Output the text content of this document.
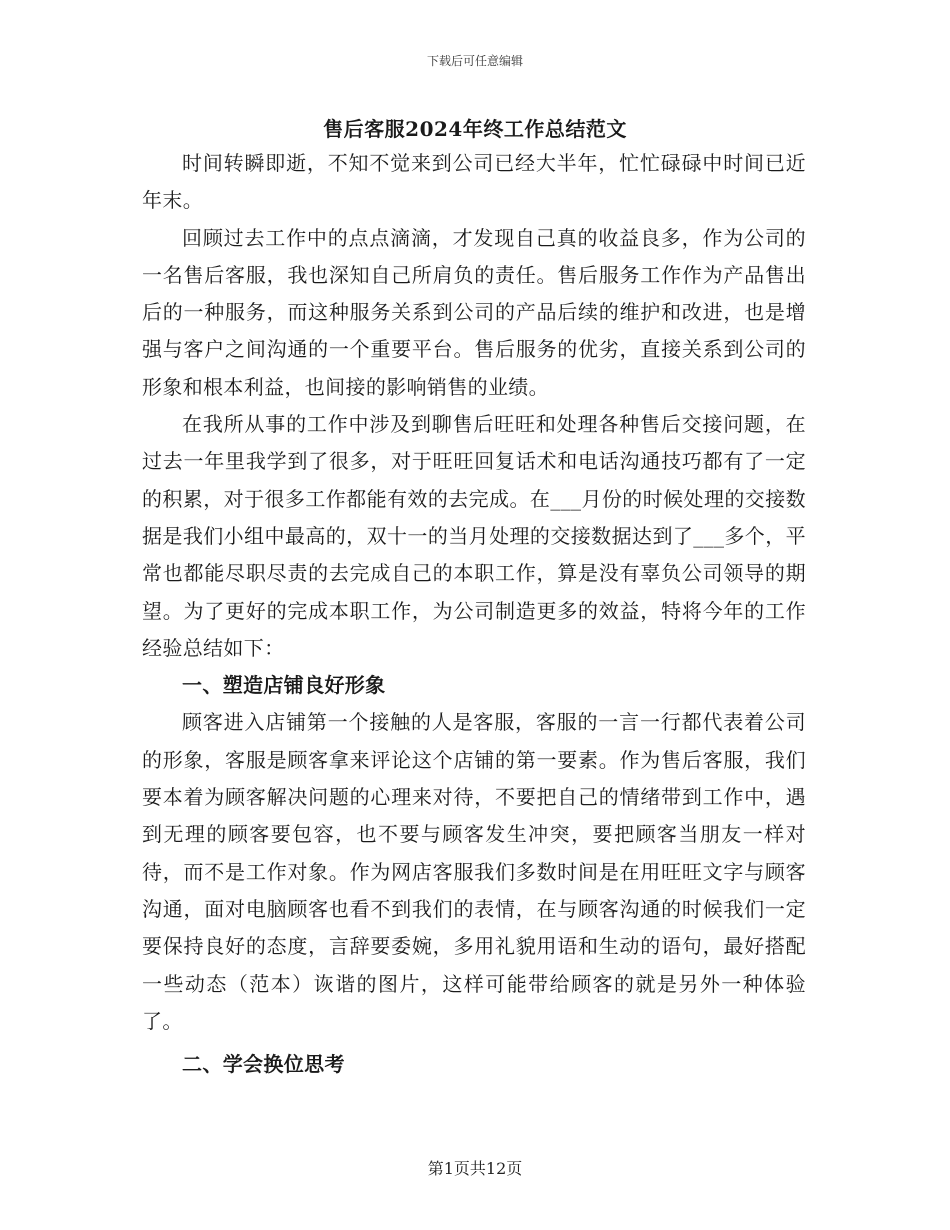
下载后可任意编辑
售后客服2024年终工作总结范文

时间转瞬即逝，不知不觉来到公司已经大半年，忙忙碌碌中时间已近年末。

回顾过去工作中的点点滴滴，才发现自己真的收益良多，作为公司的一名售后客服，我也深知自己所肩负的责任。售后服务工作作为产品售出后的一种服务，而这种服务关系到公司的产品后续的维护和改进，也是增强与客户之间沟通的一个重要平台。售后服务的优劣，直接关系到公司的形象和根本利益，也间接的影响销售的业绩。

在我所从事的工作中涉及到聊售后旺旺和处理各种售后交接问题，在过去一年里我学到了很多，对于旺旺回复话术和电话沟通技巧都有了一定的积累，对于很多工作都能有效的去完成。在___月份的时候处理的交接数据是我们小组中最高的，双十一的当月处理的交接数据达到了___多个，平常也都能尽职尽责的去完成自己的本职工作，算是没有辜负公司领导的期望。为了更好的完成本职工作，为公司制造更多的效益，特将今年的工作经验总结如下：

一、塑造店铺良好形象

顾客进入店铺第一个接触的人是客服，客服的一言一行都代表着公司的形象，客服是顾客拿来评论这个店铺的第一要素。作为售后客服，我们要本着为顾客解决问题的心理来对待，不要把自己的情绪带到工作中，遇到无理的顾客要包容，也不要与顾客发生冲突，要把顾客当朋友一样对待，而不是工作对象。作为网店客服我们多数时间是在用旺旺文字与顾客沟通，面对电脑顾客也看不到我们的表情，在与顾客沟通的时候我们一定要保持良好的态度，言辞要委婉，多用礼貌用语和生动的语句，最好搭配一些动态（范本）诙谐的图片，这样可能带给顾客的就是另外一种体验了。

二、学会换位思考

第1页共12页
